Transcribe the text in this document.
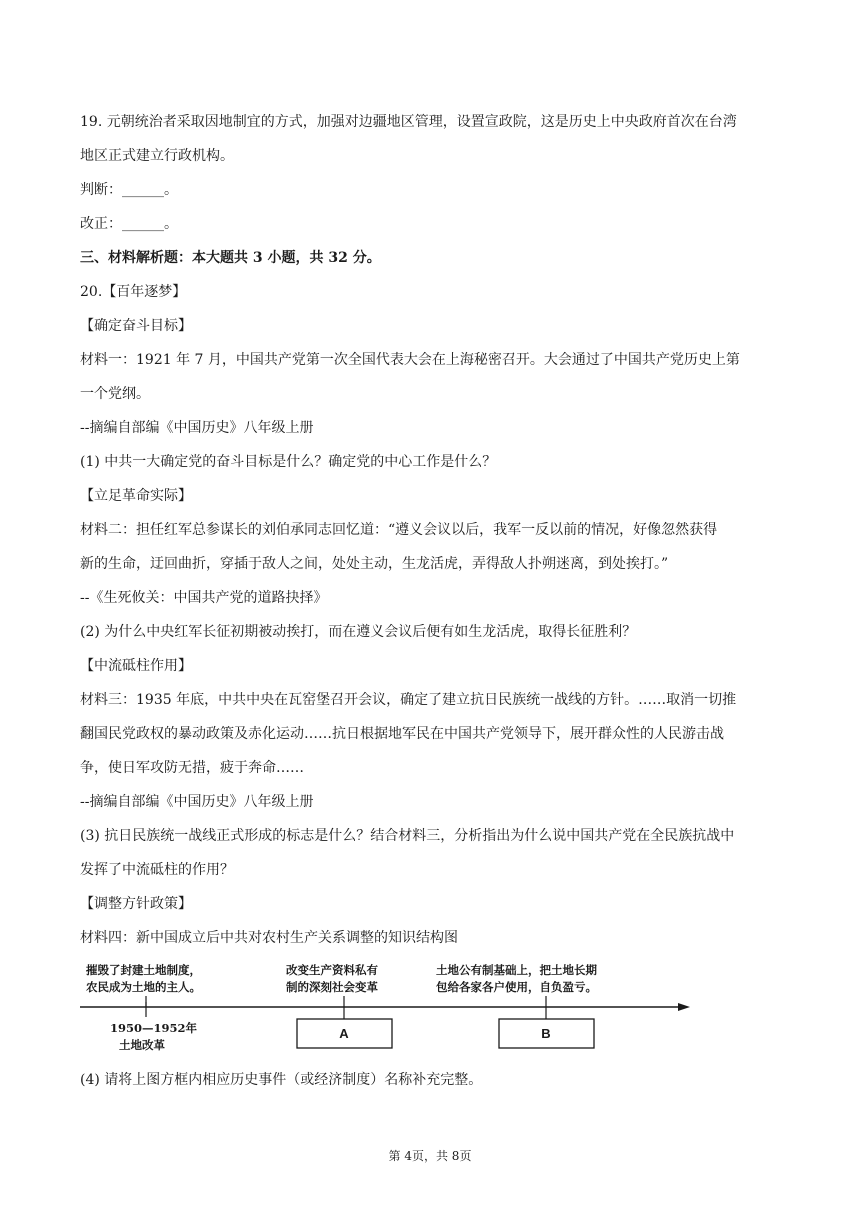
19. 元朝统治者采取因地制宜的方式，加强对边疆地区管理，设置宣政院，这是历史上中央政府首次在台湾
地区正式建立行政机构。
判断：______。
改正：______。
三、材料解析题：本大题共 3 小题，共 32 分。
20.【百年逐梦】
【确定奋斗目标】
材料一：1921 年 7 月，中国共产党第一次全国代表大会在上海秘密召开。大会通过了中国共产党历史上第
一个党纲。
--摘编自部编《中国历史》八年级上册
(1) 中共一大确定党的奋斗目标是什么？确定党的中心工作是什么？
【立足革命实际】
材料二：担任红军总参谋长的刘伯承同志回忆道：“遵义会议以后，我军一反以前的情况，好像忽然获得
新的生命，迂回曲折，穿插于敌人之间，处处主动，生龙活虎，弄得敌人扑朔迷离，到处挨打。”
--《生死攸关：中国共产党的道路抉择》
(2) 为什么中央红军长征初期被动挨打，而在遵义会议后便有如生龙活虎，取得长征胜利？
【中流砥柱作用】
材料三：1935 年底，中共中央在瓦窑堡召开会议，确定了建立抗日民族统一战线的方针。……取消一切推
翻国民党政权的暴动政策及赤化运动……抗日根据地军民在中国共产党领导下，展开群众性的人民游击战
争，使日军攻防无措，疲于奔命……
--摘编自部编《中国历史》八年级上册
(3) 抗日民族统一战线正式形成的标志是什么？结合材料三，分析指出为什么说中国共产党在全民族抗战中
发挥了中流砥柱的作用？
【调整方针政策】
材料四：新中国成立后中共对农村生产关系调整的知识结构图
摧毁了封建土地制度，
农民成为土地的主人。
改变生产资料私有
制的深刻社会变革
土地公有制基础上，把土地长期
包给各家各户使用，自负盈亏。
1950—1952年
土地改革
A	B
(4) 请将上图方框内相应历史事件（或经济制度）名称补充完整。
第 4页，共 8页
